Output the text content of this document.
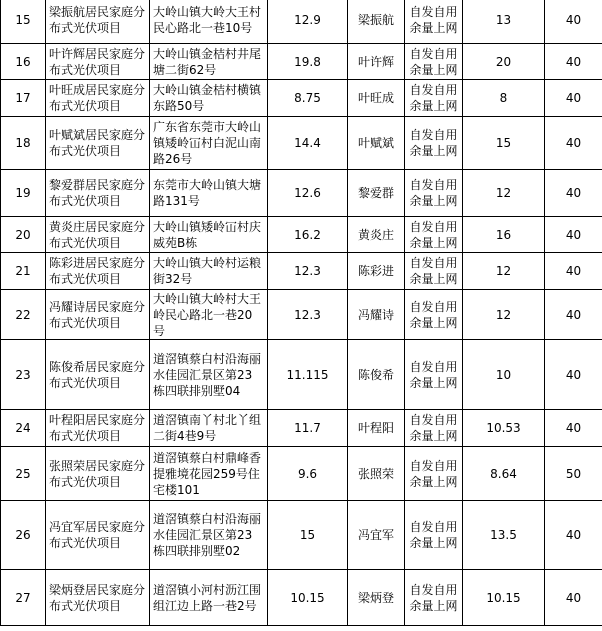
15	梁振航居民家庭分布式光伏项目	大岭山镇大岭大王村民心路北一巷10号	12.9	梁振航	自发自用余量上网	13	40
16	叶许辉居民家庭分布式光伏项目	大岭山镇金桔村井尾塘二街62号	19.8	叶许辉	自发自用余量上网	20	40
17	叶旺成居民家庭分布式光伏项目	大岭山镇金桔村横镇东路50号	8.75	叶旺成	自发自用余量上网	8	40
18	叶赋斌居民家庭分布式光伏项目	广东省东莞市大岭山镇矮岭冚村白泥山南路26号	14.4	叶赋斌	自发自用余量上网	15	40
19	黎爱群居民家庭分布式光伏项目	东莞市大岭山镇大塘路131号	12.6	黎爱群	自发自用余量上网	12	40
20	黄炎庄居民家庭分布式光伏项目	大岭山镇矮岭冚村庆威苑B栋	16.2	黄炎庄	自发自用余量上网	16	40
21	陈彩进居民家庭分布式光伏项目	大岭山镇大岭村运粮街32号	12.3	陈彩进	自发自用余量上网	12	40
22	冯耀诗居民家庭分布式光伏项目	大岭山镇大岭村大王岭民心路北一巷20号	12.3	冯耀诗	自发自用余量上网	12	40
23	陈俊希居民家庭分布式光伏项目	道滘镇蔡白村沿海丽水佳园汇景区第23栋四联排别墅04	11.115	陈俊希	自发自用余量上网	10	40
24	叶程阳居民家庭分布式光伏项目	道滘镇南丫村北丫组二街4巷9号	11.7	叶程阳	自发自用余量上网	10.53	40
25	张照荣居民家庭分布式光伏项目	道滘镇蔡白村鼎峰香提雅境花园259号住宅楼101	9.6	张照荣	自发自用余量上网	8.64	50
26	冯宜军居民家庭分布式光伏项目	道滘镇蔡白村沿海丽水佳园汇景区第23栋四联排别墅02	15	冯宜军	自发自用余量上网	13.5	40
27	梁炳登居民家庭分布式光伏项目	道滘镇小河村沥江围组江边上路一巷2号	10.15	梁炳登	自发自用余量上网	10.15	40
